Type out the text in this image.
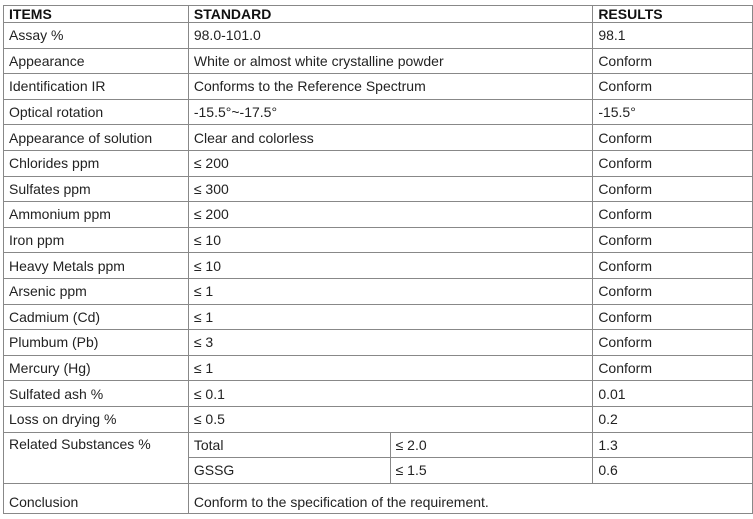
ITEMS	STANDARD		RESULTS
Assay %	98.0-101.0		98.1
Appearance	White or almost white crystalline powder		Conform
Identification IR	Conforms to the Reference Spectrum		Conform
Optical rotation	-15.5°~-17.5°		-15.5°
Appearance of solution	Clear and colorless		Conform
Chlorides ppm	≤ 200		Conform
Sulfates ppm	≤ 300		Conform
Ammonium ppm	≤ 200		Conform
Iron ppm	≤ 10		Conform
Heavy Metals ppm	≤ 10		Conform
Arsenic ppm	≤ 1		Conform
Cadmium (Cd)	≤ 1		Conform
Plumbum (Pb)	≤ 3		Conform
Mercury (Hg)	≤ 1		Conform
Sulfated ash %	≤ 0.1		0.01
Loss on drying %	≤ 0.5		0.2
Related Substances %	Total	≤ 2.0	1.3
	GSSG	≤ 1.5	0.6
Conclusion	Conform to the specification of the requirement.		
